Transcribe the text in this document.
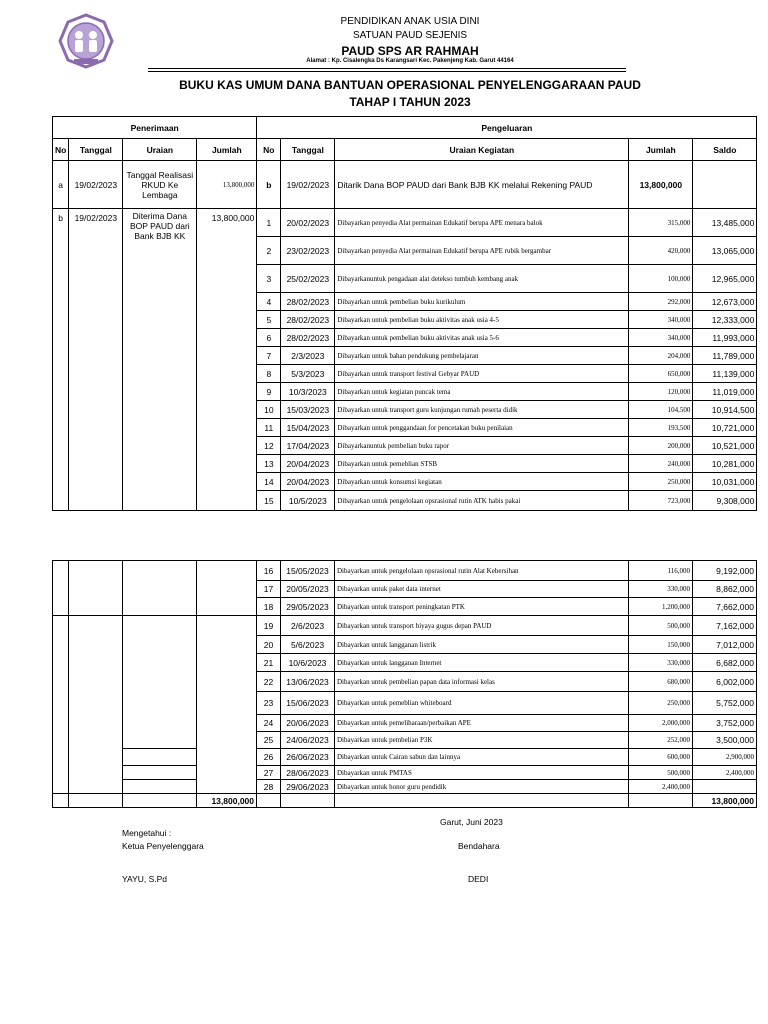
PENDIDIKAN ANAK USIA DINI
SATUAN PAUD SEJENIS
PAUD SPS AR RAHMAH
Alamat : Kp. Cisalengka Ds Karangsari Kec. Pakenjeng Kab. Garut 44164
BUKU KAS UMUM DANA BANTUAN OPERASIONAL PENYELENGGARAAN PAUD
TAHAP I TAHUN 2023
Penerimaan				Pengeluaran				
No	Tanggal	Uraian	Jumlah	No	Tanggal	Uraian Kegiatan	Jumlah	Saldo
a	19/02/2023	Tanggal Realisasi RKUD Ke Lembaga	13,800,000	b	19/02/2023	Ditarik Dana BOP PAUD dari Bank BJB KK melalui Rekening PAUD	13,800,000	
b	19/02/2023	Diterima Dana BOP PAUD dari Bank BJB KK	13,800,000	1	20/02/2023	Dibayarkan penyedia Alat permainan Edukatif berupa APE menara balok	315,000	13,485,000
				2	23/02/2023	Dibayarkan penyedia Alat permainan Edukatif berupa APE rubik bergambar	420,000	13,065,000
				3	25/02/2023	Dibayarkanuntuk pengadaan alat detekso tumbuh kembang anak	100,000	12,965,000
				4	28/02/2023	Dibayarkan untuk pembelian buku kurikulum	292,000	12,673,000
				5	28/02/2023	Dibayarkan untuk pembelian buku aktivitas anak usia 4-5	340,000	12,333,000
				6	28/02/2023	Dibayarkan untuk pembelian buku aktivitas anak usia 5-6	340,000	11,993,000
				7	2/3/2023	Dibayarkan untuk bahan pendukung pembelajaran	204,000	11,789,000
				8	5/3/2023	Dibayarkan untuk transport festival Gebyar PAUD	650,000	11,139,000
				9	10/3/2023	Dibayarkan untuk kegiatan puncak tema	120,000	11,019,000
				10	15/03/2023	Dibayarkan untuk transport guru kunjungan rumah peserta didik	104,500	10,914,500
				11	15/04/2023	Dibayarkan untuk penggandaan for pencetakan buku penilaian	193,500	10,721,000
				12	17/04/2023	Dibayarkanuntuk pembelian buku rapor	200,000	10,521,000
				13	20/04/2023	Dibayarkan untuk pemeblian STSB	240,000	10,281,000
				14	20/04/2023	Dibayarkan untuk konsumsi kegiatan	250,000	10,031,000
				15	10/5/2023	Dibayarkan untuk pengelolaan opsrasional rutin ATK habis pakai	723,000	9,308,000
				16	15/05/2023	Dibayarkan untuk pengelolaan opsrasional rutin Alat Kebersihan	116,000	9,192,000
				17	20/05/2023	Dibayarkan untuk paket data internet	330,000	8,862,000
				18	29/05/2023	Dibayarkan untuk transport peningkatan PTK	1,200,000	7,662,000
				19	2/6/2023	Dibayarkan untuk transport biyaya gugus depan PAUD	500,000	7,162,000
				20	5/6/2023	Dibayarkan untuk langganan listrik	150,000	7,012,000
				21	10/6/2023	Dibayarkan untuk langganan Internet	330,000	6,682,000
				22	13/06/2023	Dibayarkan untuk pembelian papan data informasi kelas	680,000	6,002,000
				23	15/06/2023	Dibayarkan untuk pemeblian whiteboard	250,000	5,752,000
				24	20/06/2023	Dibayarkan untuk pemeliharaan/perbaikan APE	2,000,000	3,752,000
				25	24/06/2023	Dibayarkan untuk pembelian P3K	252,000	3,500,000
				26	26/06/2023	Dibayarkan untuk Cairan sabun dan lainnya	600,000	2,900,000
				27	28/06/2023	Dibayarkan untuk PMTAS	500,000	2,400,000
				28	29/06/2023	Dibayarkan untuk honor guru pendidik	2,400,000	
			13,800,000					13,800,000
Garut, Juni 2023
Mengetahui :
Ketua Penyelenggara	Bendahara
YAYU, S.Pd	DEDI
